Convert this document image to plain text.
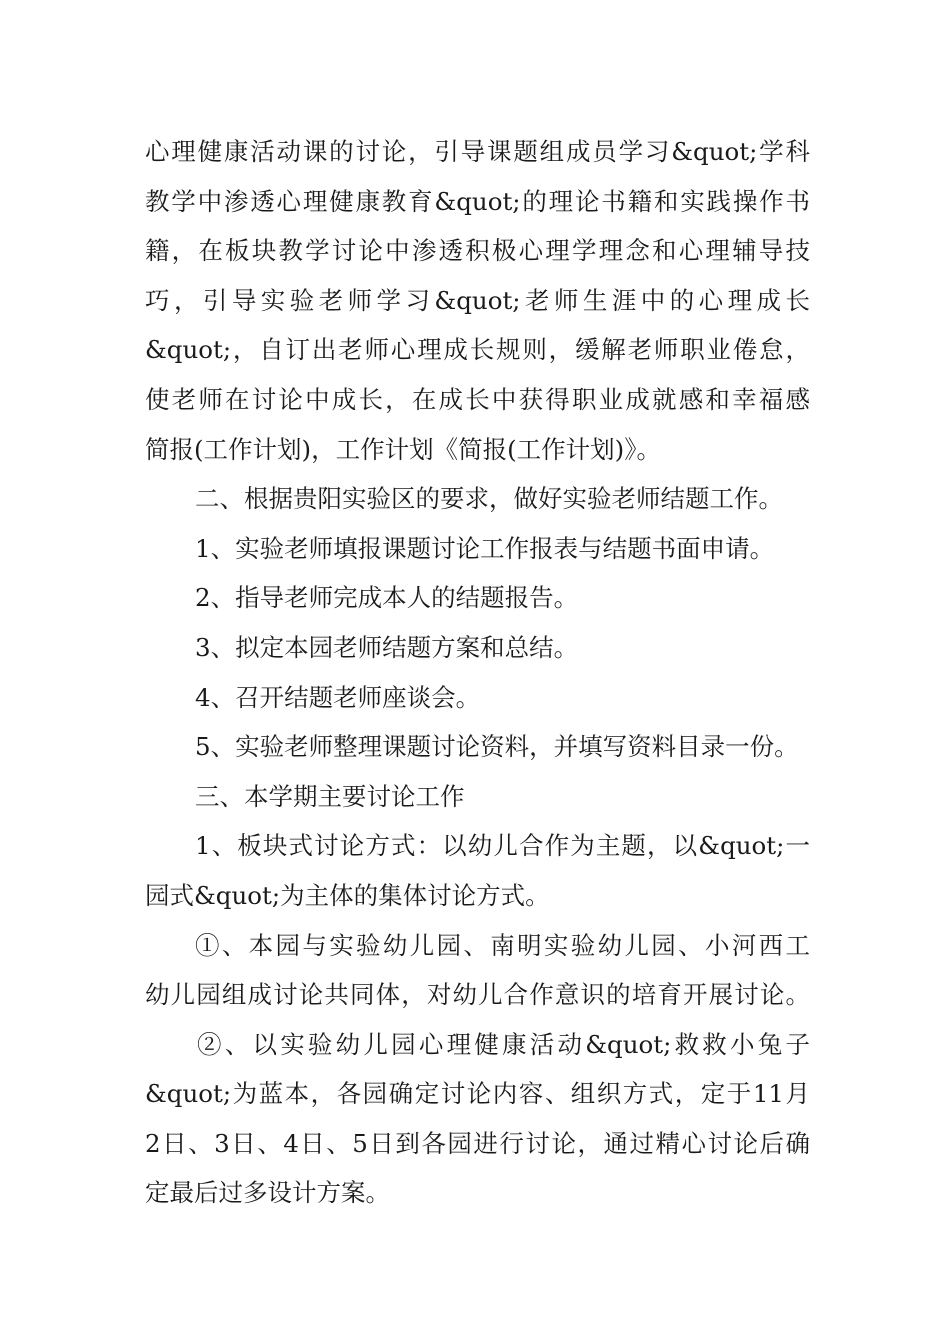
心理健康活动课的讨论，引导课题组成员学习&quot;学科
教学中渗透心理健康教育&quot;的理论书籍和实践操作书
籍，在板块教学讨论中渗透积极心理学理念和心理辅导技
巧，引导实验老师学习&quot;老师生涯中的心理成长
&quot;，自订出老师心理成长规则，缓解老师职业倦怠，
使老师在讨论中成长，在成长中获得职业成就感和幸福感
简报(工作计划)，工作计划《简报(工作计划)》。
二、根据贵阳实验区的要求，做好实验老师结题工作。
1、实验老师填报课题讨论工作报表与结题书面申请。
2、指导老师完成本人的结题报告。
3、拟定本园老师结题方案和总结。
4、召开结题老师座谈会。
5、实验老师整理课题讨论资料，并填写资料目录一份。
三、本学期主要讨论工作
1、板块式讨论方式：以幼儿合作为主题，以&quot;一
园式&quot;为主体的集体讨论方式。
①、本园与实验幼儿园、南明实验幼儿园、小河西工
幼儿园组成讨论共同体，对幼儿合作意识的培育开展讨论。
②、以实验幼儿园心理健康活动&quot;救救小兔子
&quot;为蓝本，各园确定讨论内容、组织方式，定于11月
2日、3日、4日、5日到各园进行讨论，通过精心讨论后确
定最后过多设计方案。
